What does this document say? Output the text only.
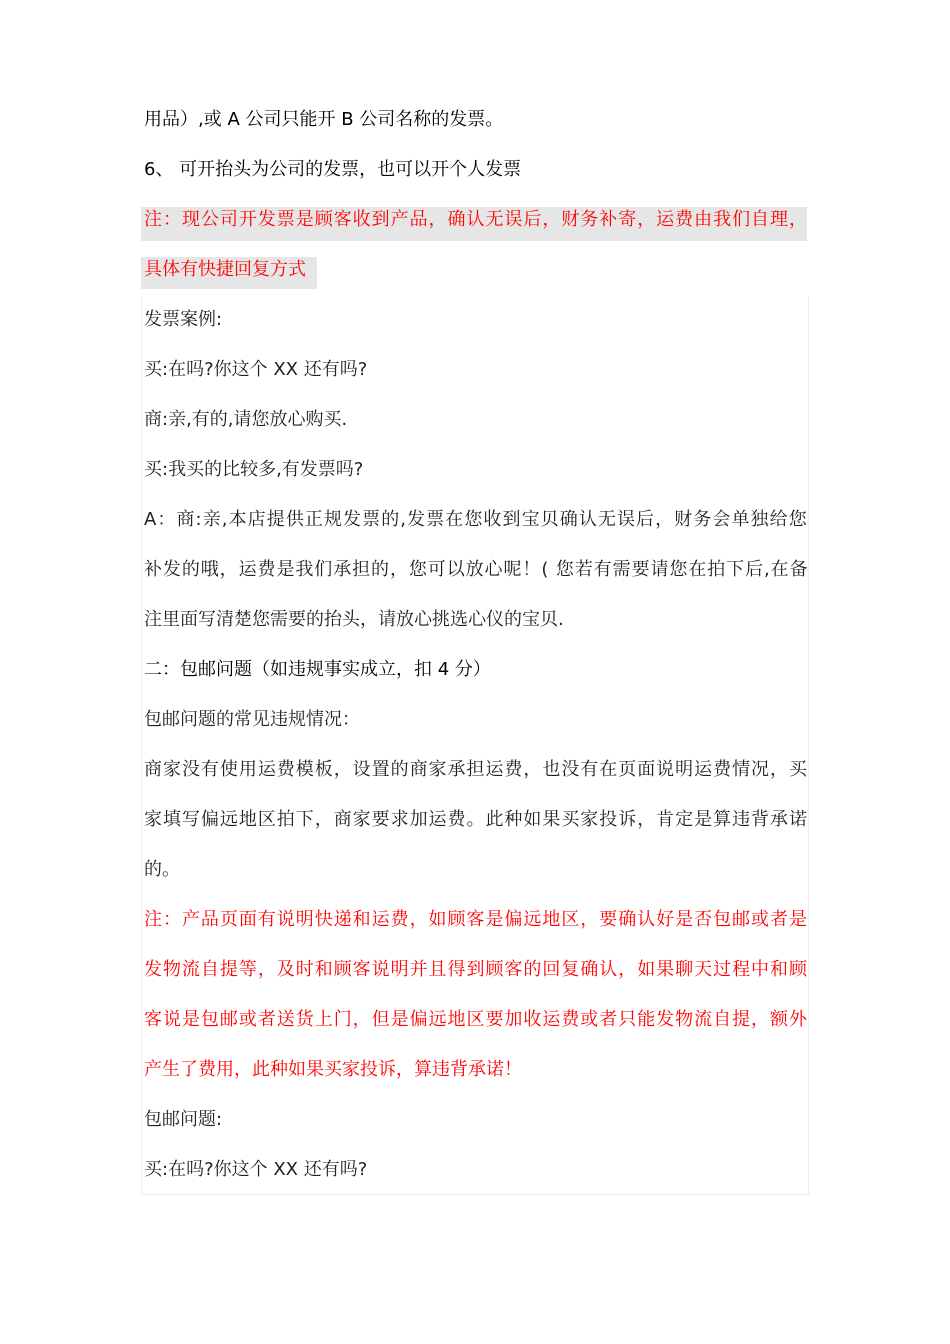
用品）,或 A 公司只能开 B 公司名称的发票。
6、 可开抬头为公司的发票，也可以开个人发票
注：现公司开发票是顾客收到产品，确认无误后，财务补寄，运费由我们自理，
具体有快捷回复方式
发票案例:
买:在吗?你这个 XX 还有吗?
商:亲,有的,请您放心购买.
买:我买的比较多,有发票吗?
A：商:亲,本店提供正规发票的,发票在您收到宝贝确认无误后，财务会单独给您
补发的哦，运费是我们承担的，您可以放心呢！( 您若有需要请您在拍下后,在备
注里面写清楚您需要的抬头，请放心挑选心仪的宝贝.
二：包邮问题（如违规事实成立，扣 4 分）
包邮问题的常见违规情况：
商家没有使用运费模板，设置的商家承担运费，也没有在页面说明运费情况，买
家填写偏远地区拍下，商家要求加运费。此种如果买家投诉，肯定是算违背承诺
的。
注：产品页面有说明快递和运费，如顾客是偏远地区，要确认好是否包邮或者是
发物流自提等，及时和顾客说明并且得到顾客的回复确认，如果聊天过程中和顾
客说是包邮或者送货上门，但是偏远地区要加收运费或者只能发物流自提，额外
产生了费用，此种如果买家投诉，算违背承诺！
包邮问题:
买:在吗?你这个 XX 还有吗?
